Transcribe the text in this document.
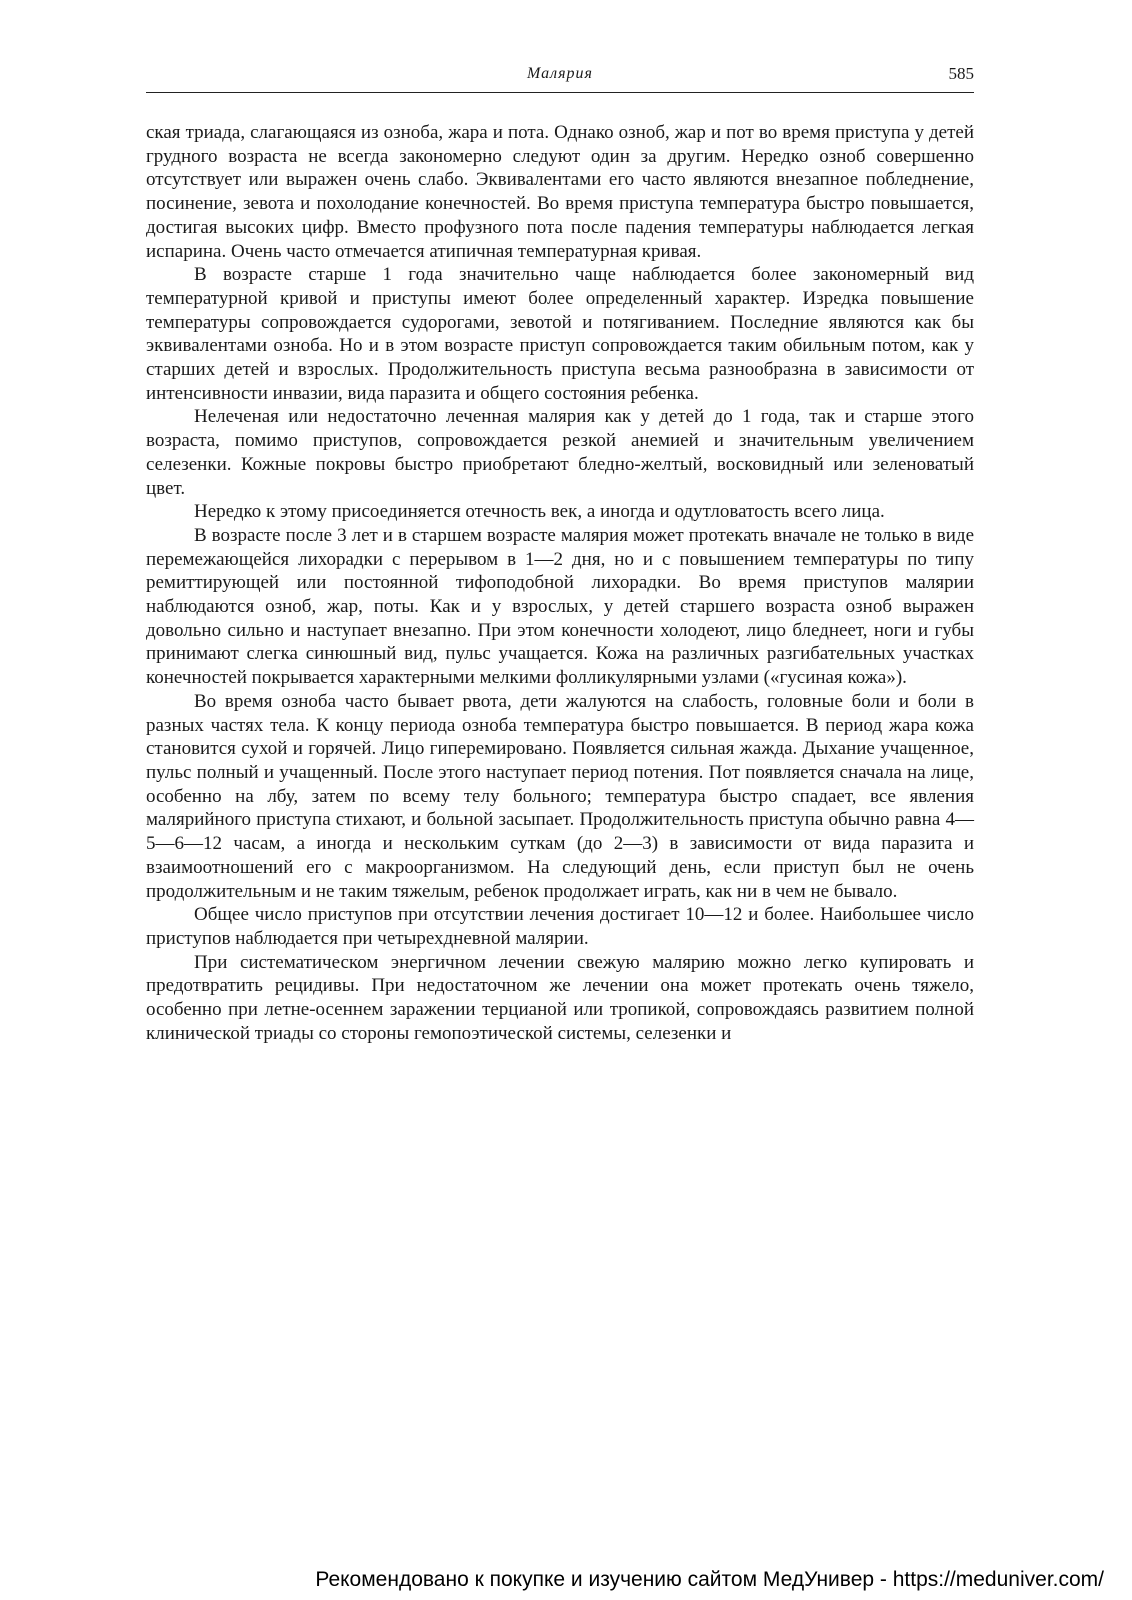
Малярия	585

ская триада, слагающаяся из озноба, жара и пота. Однако озноб, жар и пот во время приступа у детей грудного возраста не всегда закономерно следуют один за другим. Нередко озноб совершенно отсутствует или выражен очень слабо. Эквивалентами его часто являются внезапное побледнение, посинение, зевота и похолодание конечностей. Во время приступа температура быстро повышается, достигая высоких цифр. Вместо профузного пота после падения температуры наблюдается легкая испарина. Очень часто отмечается атипичная температурная кривая.

В возрасте старше 1 года значительно чаще наблюдается более закономерный вид температурной кривой и приступы имеют более определенный характер. Изредка повышение температуры сопровождается судорогами, зевотой и потягиванием. Последние являются как бы эквивалентами озноба. Но и в этом возрасте приступ сопровождается таким обильным потом, как у старших детей и взрослых. Продолжительность приступа весьма разнообразна в зависимости от интенсивности инвазии, вида паразита и общего состояния ребенка.

Нелеченая или недостаточно леченная малярия как у детей до 1 года, так и старше этого возраста, помимо приступов, сопровождается резкой анемией и значительным увеличением селезенки. Кожные покровы быстро приобретают бледно-желтый, восковидный или зеленоватый цвет.

Нередко к этому присоединяется отечность век, а иногда и одутловатость всего лица.

В возрасте после 3 лет и в старшем возрасте малярия может протекать вначале не только в виде перемежающейся лихорадки с перерывом в 1—2 дня, но и с повышением температуры по типу ремиттирующей или постоянной тифоподобной лихорадки. Во время приступов малярии наблюдаются озноб, жар, поты. Как и у взрослых, у детей старшего возраста озноб выражен довольно сильно и наступает внезапно. При этом конечности холодеют, лицо бледнеет, ноги и губы принимают слегка синюшный вид, пульс учащается. Кожа на различных разгибательных участках конечностей покрывается характерными мелкими фолликулярными узлами («гусиная кожа»).

Во время озноба часто бывает рвота, дети жалуются на слабость, головные боли и боли в разных частях тела. К концу периода озноба температура быстро повышается. В период жара кожа становится сухой и горячей. Лицо гиперемировано. Появляется сильная жажда. Дыхание учащенное, пульс полный и учащенный. После этого наступает период потения. Пот появляется сначала на лице, особенно на лбу, затем по всему телу больного; температура быстро спадает, все явления малярийного приступа стихают, и больной засыпает. Продолжительность приступа обычно равна 4—5—6—12 часам, а иногда и нескольким суткам (до 2—3) в зависимости от вида паразита и взаимоотношений его с макроорганизмом. На следующий день, если приступ был не очень продолжительным и не таким тяжелым, ребенок продолжает играть, как ни в чем не бывало.

Общее число приступов при отсутствии лечения достигает 10—12 и более. Наибольшее число приступов наблюдается при четырехдневной малярии.

При систематическом энергичном лечении свежую малярию можно легко купировать и предотвратить рецидивы. При недостаточном же лечении она может протекать очень тяжело, особенно при летне-осеннем заражении терцианой или тропикой, сопровождаясь развитием полной клинической триады со стороны гемопоэтической системы, селезенки и

Рекомендовано к покупке и изучению сайтом МедУнивер - https://meduniver.com/
